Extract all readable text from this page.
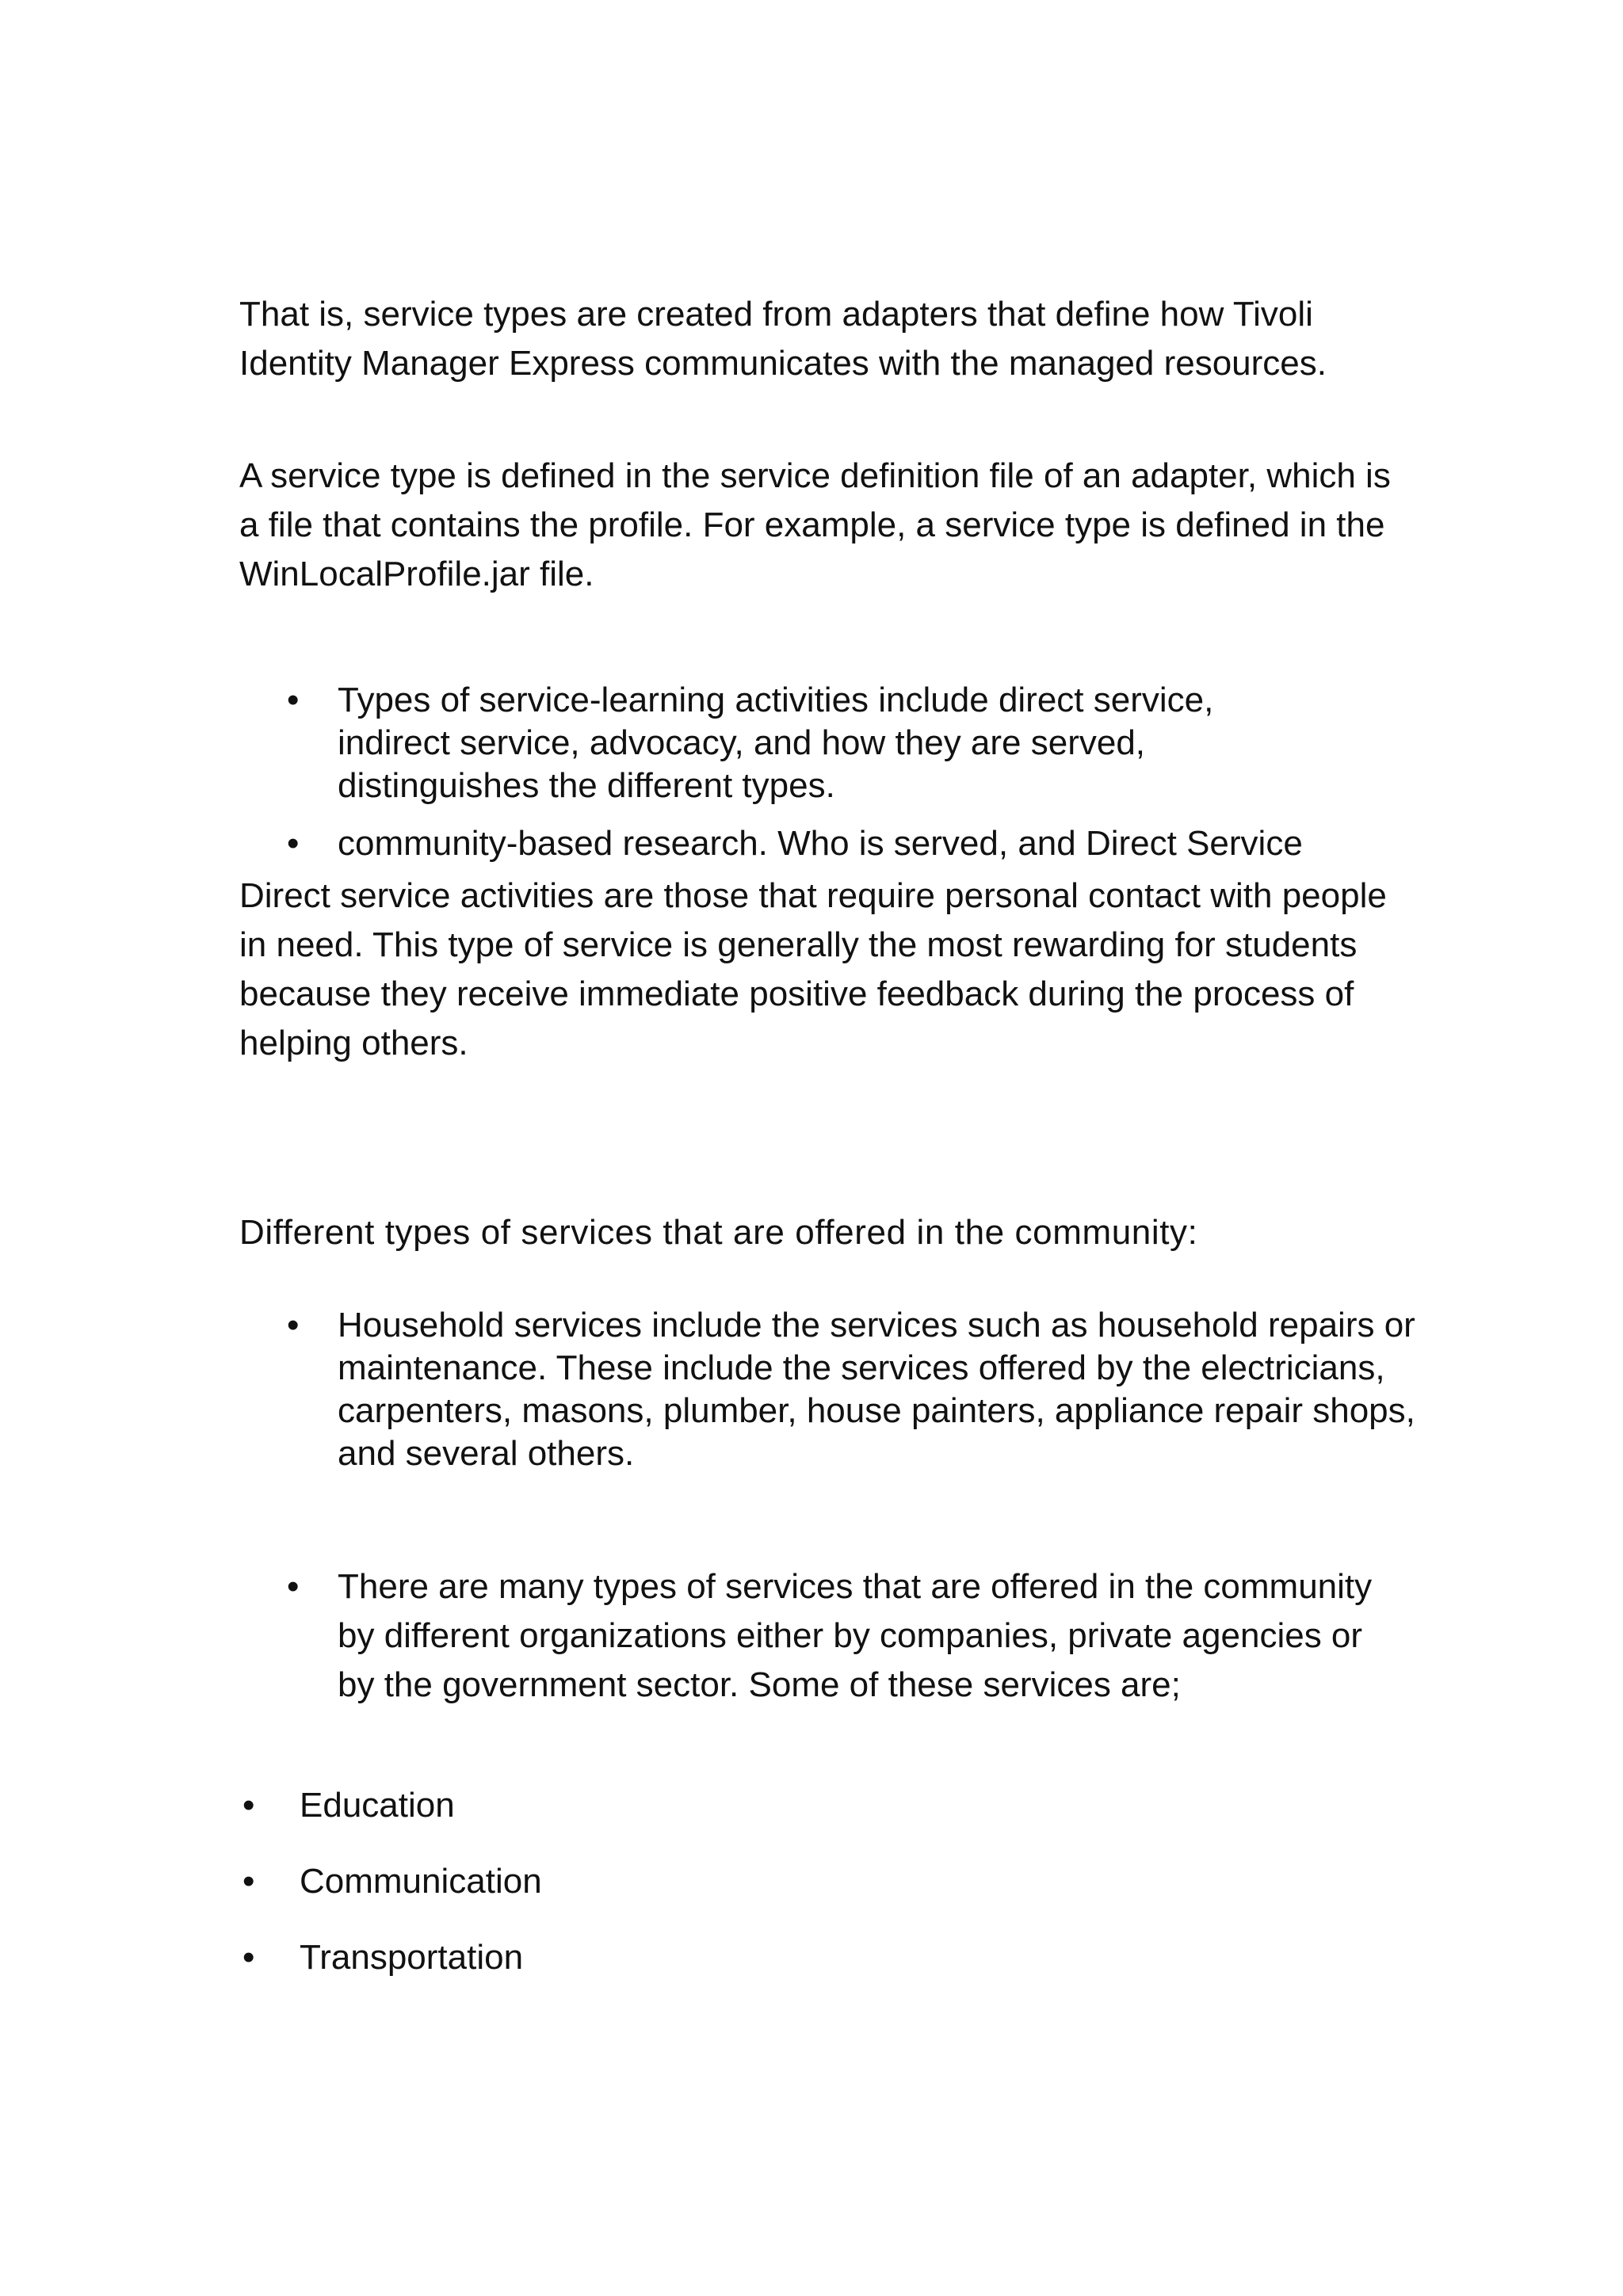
That is, service types are created from adapters that define how Tivoli Identity Manager Express communicates with the managed resources.

A service type is defined in the service definition file of an adapter, which is a file that contains the profile. For example, a service type is defined in the WinLocalProfile.jar file.

• Types of service-learning activities include direct service, indirect service, advocacy, and how they are served, distinguishes the different types.
• community-based research. Who is served, and Direct Service

Direct service activities are those that require personal contact with people in need. This type of service is generally the most rewarding for students because they receive immediate positive feedback during the process of helping others.

Different types of services that are offered in the community:

• Household services include the services such as household repairs or maintenance. These include the services offered by the electricians, carpenters, masons, plumber, house painters, appliance repair shops, and several others.
• There are many types of services that are offered in the community by different organizations either by companies, private agencies or by the government sector. Some of these services are;
• Education
• Communication
• Transportation
